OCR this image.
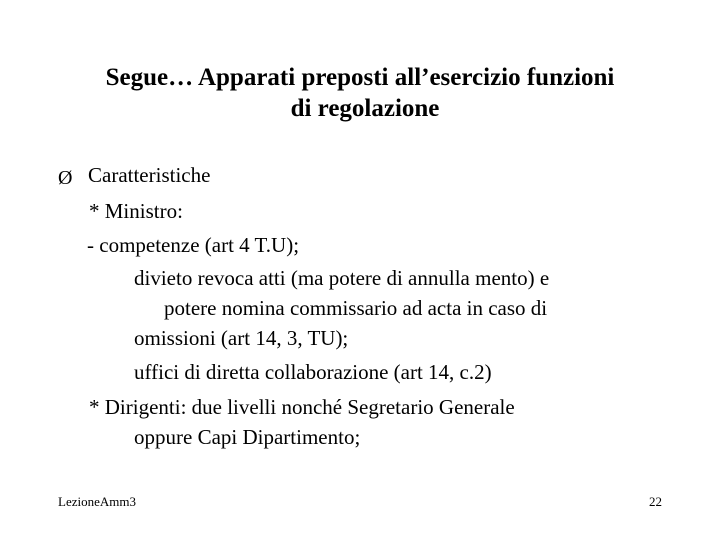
Segue… Apparati preposti all’esercizio funzioni
di regolazione
Ø Caratteristiche
* Ministro:
- competenze (art 4 T.U);
divieto revoca atti (ma potere di annulla mento) e
potere nomina commissario ad acta in caso di
omissioni (art 14, 3, TU);
uffici di diretta collaborazione (art 14, c.2)
* Dirigenti: due livelli nonché Segretario Generale
oppure Capi Dipartimento;
LezioneAmm3	22
